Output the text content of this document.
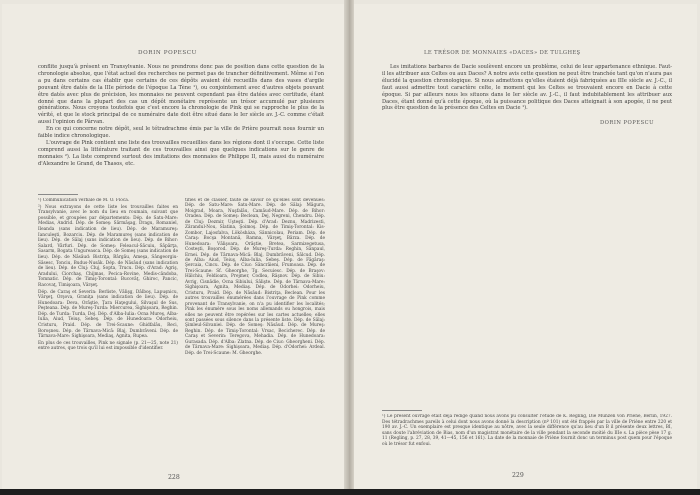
DORIN POPESCU

conflite jusqu'à présent en Transylvanie. Nous ne prendrons donc pas de position dans cette question de la chronologie absolue, que l'état actuel des recherches ne permet pas de trancher définitivement. Même si l'on a pu dans certains cas établir que certains de ces dépôts avaient été recueillis dans des vases d'argile pouvant être datés de la IIIe période de l'époque La Tène ¹), ou conjointement avec d'autres objets pouvant être datés avec plus de précision, les monnaies ne peuvent cependant pas être datées avec certitude, étant donné que dans la plupart des cas un dépôt monétaire représente un trésor accumulé par plusieurs générations. Nous croyons toutefois que c'est encore la chronologie de Pink qui se rapproche le plus de la vérité, et que le stock principal de ce numéraire date doit être situé dans le Ier siècle av. J.-C. comme c'était aussi l'opinion de Pârvan.

En ce qui concerne notre dépôt, seul le tétradrachme émis par la ville de Prière pourrait nous fournir un faible indice chronologique.

L'ouvrage de Pink contient une liste des trouvailles recueillies dans les régions dont il s'occupe. Cette liste comprend aussi la littérature traitant de ces trouvailles ainsi que quelques indications sur le genre de monnaies ²). La liste comprend surtout des imitations des monnaies de Philippe II, mais aussi du numéraire d'Alexandre le Grand, de Thasos, etc.

¹) Communication verbale de M. O. Floca.

²) Nous extrayons de cette liste les trouvailles faites en Transylvanie, avec le nom du lieu en roumain, suivant que possible, et groupées par départements: Dép. de Satu-Mare: Medias, Andrid. Dép. de Someş: Sărmăşag, Dragu, Romaniel, Ileanda (sans indication de lieu). Dép. de Maramureş: Ianculeşti, Bozarciu. Dép. de Maramureş (sans indication de lieu). Dép. de Sălaj (sans indication de lieu). Dép. de Bihor: Salard, Vârfuri. Dép. de Someş: Feleacul-Săcuiu, Săpârţa, Sasarm, Bogata Ungureasca. Dép. de Someş (sans indication de lieu). Dép. de Năsăud: Bistriţa, Bârgău, Ameşa, Sângeorgiu-Săsesc, Tonciu, Budus-Nusăk. Dép. de Năsăud (sans indication de lieu). Dép. de Cluj: Cluj, Sopta, Trucu. Dép. d'Arad: Agriş, Aradului, Ciorchaş, Chijmas, Pecica-Rovine, Medis-cândoba, Tomnatic. Dép. de Timiş-Torontal: Bucovăţ, Ghiroc, Pancic, Racovaţ, Timişoara, Vărşeţ.

Dép. de Caraş et Severin: Berliste, Vălişg, Dâlboş, Lapuşnicu, Vărşeţ, Orşova, Graniţa (sans indication de lieu). Dép. de Hunedoara: Deva, Orăştie, Ţara Haţegului, Silvaşul de Sus, Peşteana. Dép. de Mureş-Turda: Miercurea, Sighişoara, Reghin. Dép. de Turda: Turda, Dej. Dép. d'Alba-Iulia: Ocna Mureş, Alba-Iulia, Aiud, Teiuş, Sebeş. Dép. de Hunedoara: Odorheiu, Cristuru, Praid. Dép. de Trei-Scaune: Ghidfalău, Reci, Boroşneu. Dép. de Târnava-Mică: Blaj, Dumbrăveni. Dép. de Târnava-Mare: Sighişoara, Mediaş, Agnita, Rupea.

En plus de ces trouvailles, Pink ne signale (p. 21—25, note 21) entre autres, que trois qu'il lui est impossible d'identifier.

tifies et de classer, faute de savoir ce qu'elles sont devenues: Dép. de Satu-Mare: Satu-Mare. Dép. de Sălaj: Măgura, Moigrad, Moara, Nuşfalău, Camăud-Mare. Dép. de Bihor: Oradea. Dép. de Someş: Beclean, Dej, Negreni, Chendru. Dép. de Cluj: Dezmir, Uşteşti. Dép. d'Arad: Deznu, Madrizesti, Zărandul-Nou, Slatina, Şoimoş. Dép. de Timiş-Torontal: Kis-Zombor, Lajosfalva, Lökösháza, Sânnicolau, Periam. Dép. de Caraş: Bocşa Montană, Ramna, Vârşeţ, Bârza. Dép. de Hunedoara: Vălişoara, Orăştie, Bretea, Sarmizegetusa, Costeşti, Boşorod. Dép. de Mureş-Turda: Reghin, Sânpaul, Ernei. Dép. de Târnava-Mică: Blaj, Dumbrăveni, Sălcud. Dép. de Alba: Aiud, Teiuş, Alba-Iulia, Sebeş. Dép. de Făgăraş: Şercaia, Cincu. Dép. de Ciuc: Sâncrăieni, Frumoasa. Dép. de Trei-Scaune: Sf. Gheorghe, Tg. Secuiesc. Dép. de Braşov: Hălchiu, Feldioara, Prejmer, Codlea, Râşnov. Dép. de Sibiu: Avrig, Cisnădie, Ocna Sibiului, Sălişte. Dép. de Târnava-Mare: Sighişoara, Agnita, Mediaş. Dép. de Odorhei: Odorheiu, Cristuru, Praid. Dép. de Năsăud: Bistriţa, Beclean. Pour les autres trouvailles énumérées dans l'ouvrage de Pink comme provenant de Transylvanie, on n'a pu identifier les localités; Pink les énumère sous les noms allemands ou hongrois, mais elles ne peuvent être repérées sur les cartes actuelles; elles sont passées sous silence dans la présente liste. Dép. de Sălaj: Şimleul-Silvaniei. Dép. de Someş: Năsăud. Dép. de Mureş: Reghin. Dép. de Timiş-Torontal: Vrsac, Becicherec. Dép. de Caraş et Severin: Teregova, Mehadia. Dép. de Hunedoara: Gurasada. Dép. d'Alba: Zlatna. Dép. de Ciuc: Gheorgheni. Dép. de Târnava-Mare: Sighişoara, Mediaş. Dép. d'Odorhei: Ardeal. Dép. de Trei-Scaune: M. Gheorghe.
228
LE TRÉSOR DE MONNAIES «DACES» DE TULGHEŞ

Les imitations barbares de Dacie soulèvent encore un problème, celui de leur appartenance ethnique. Faut-il les attribuer aux Celtes ou aux Daces? A notre avis cette question ne peut être tranchée tant qu'on n'aura pas élucidé la question chronologique. Si nous admettons qu'elles étaient déjà fabriquées au IIIe siècle av. J.-C., il faut aussi admettre tout caractère celte, le moment qui les Celtes se trouvaient encore en Dacie à cette époque. Si par ailleurs nous les situons dans le Ier siècle av. J.-C., il faut indubitablement les attribuer aux Daces, étant donné qu'à cette époque, où la puissance politique des Daces atteignait à son apogée, il ne peut plus être question de la présence des Celtes en Dacie ¹).

DORIN POPESCU
¹) Le présent ouvrage était déjà rédigé quand nous avons pu consulter l'étude de K. Regling, Die Münzen von Priene, Berlin, 1927. Des tétradrachmes pareils à celui dont nous avons donné la description (nº 101) ont été frappés par la ville de Priène entre 220 et 190 av. J.-C. Un exemplaire est presque identique au nôtre, avec la seule différence qu'au lieu d'un B il présente deux lettres, ΒΙ, sans doute l'abréviation de Bias, nom d'un magistrat monétaire de la ville pendant la seconde moitié du IIIe s. La pièce pèse 17 g. 11 (Regling, p. 27, 28, 39, 41—45, 156 et 161). La date de la monnaie de Priène fournit donc un terminus post quem pour l'époque où le trésor fut enfoui.
229
